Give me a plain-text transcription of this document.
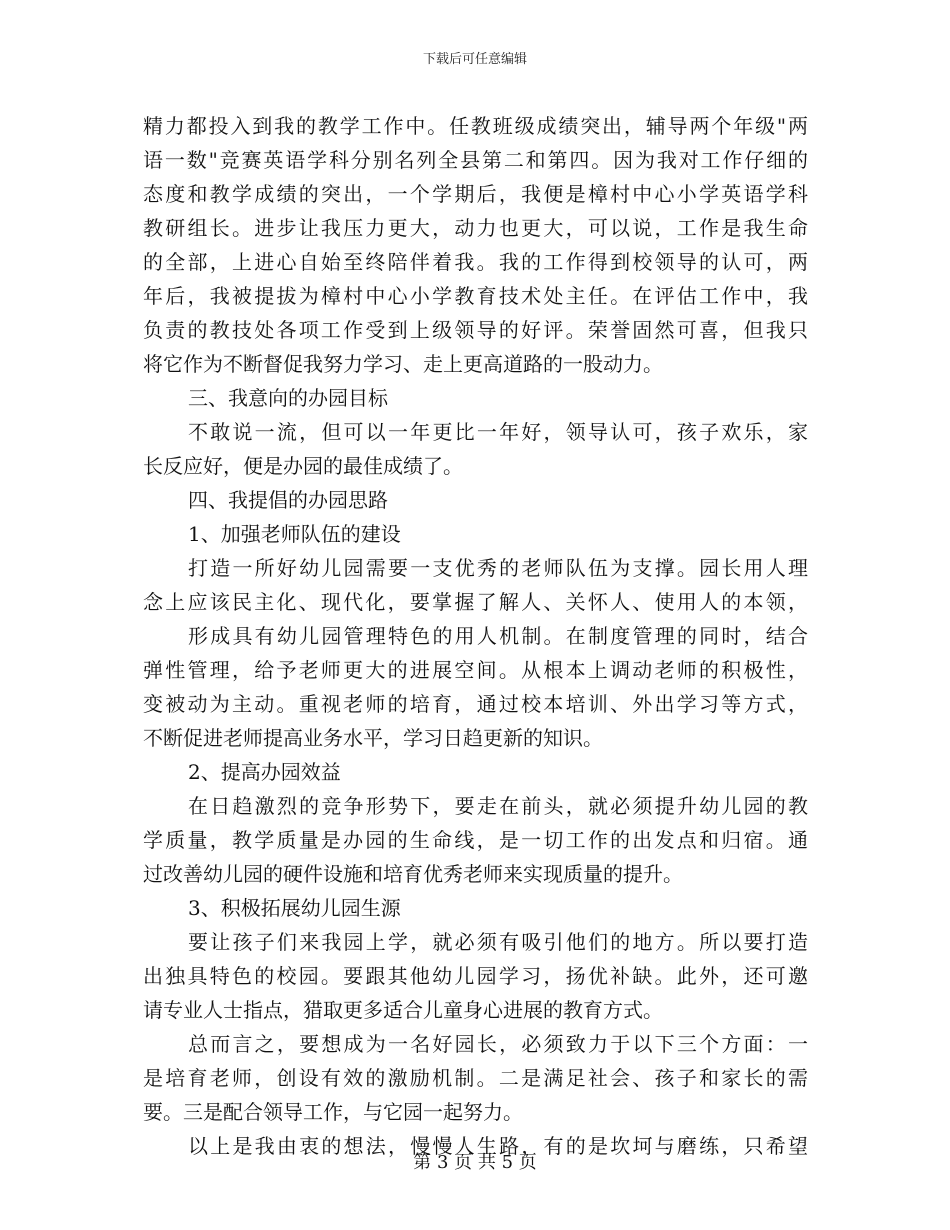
下载后可任意编辑
精力都投入到我的教学工作中。任教班级成绩突出，辅导两个年级"两
语一数"竞赛英语学科分别名列全县第二和第四。因为我对工作仔细的
态度和教学成绩的突出，一个学期后，我便是樟村中心小学英语学科
教研组长。进步让我压力更大，动力也更大，可以说，工作是我生命
的全部，上进心自始至终陪伴着我。我的工作得到校领导的认可，两
年后，我被提拔为樟村中心小学教育技术处主任。在评估工作中，我
负责的教技处各项工作受到上级领导的好评。荣誉固然可喜，但我只
将它作为不断督促我努力学习、走上更高道路的一股动力。
三、我意向的办园目标
不敢说一流，但可以一年更比一年好，领导认可，孩子欢乐，家
长反应好，便是办园的最佳成绩了。
四、我提倡的办园思路
1、加强老师队伍的建设
打造一所好幼儿园需要一支优秀的老师队伍为支撑。园长用人理
念上应该民主化、现代化，要掌握了解人、关怀人、使用人的本领，
形成具有幼儿园管理特色的用人机制。在制度管理的同时，结合
弹性管理，给予老师更大的进展空间。从根本上调动老师的积极性，
变被动为主动。重视老师的培育，通过校本培训、外出学习等方式，
不断促进老师提高业务水平，学习日趋更新的知识。
2、提高办园效益
在日趋激烈的竞争形势下，要走在前头，就必须提升幼儿园的教
学质量，教学质量是办园的生命线，是一切工作的出发点和归宿。通
过改善幼儿园的硬件设施和培育优秀老师来实现质量的提升。
3、积极拓展幼儿园生源
要让孩子们来我园上学，就必须有吸引他们的地方。所以要打造
出独具特色的校园。要跟其他幼儿园学习，扬优补缺。此外，还可邀
请专业人士指点，猎取更多适合儿童身心进展的教育方式。
总而言之，要想成为一名好园长，必须致力于以下三个方面：一
是培育老师，创设有效的激励机制。二是满足社会、孩子和家长的需
要。三是配合领导工作，与它园一起努力。
以上是我由衷的想法，慢慢人生路，有的是坎坷与磨练，只希望
第 3 页 共 5 页
